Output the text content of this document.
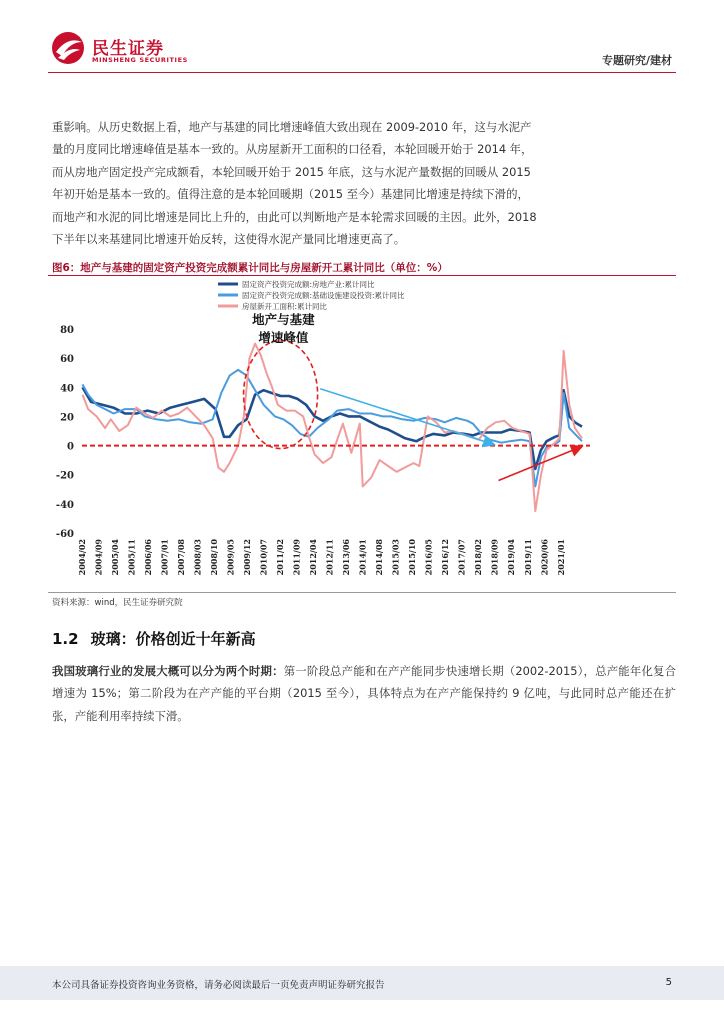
民生证券
MINSHENG SECURITIES	专题研究/建材

重影响。从历史数据上看，地产与基建的同比增速峰值大致出现在 2009-2010 年，这与水泥产

量的月度同比增速峰值是基本一致的。从房屋新开工面积的口径看，本轮回暖开始于 2014 年，

而从房地产固定投产完成额看，本轮回暖开始于 2015 年底，这与水泥产量数据的回暖从 2015

年初开始是基本一致的。值得注意的是本轮回暖期（2015 至今）基建同比增速是持续下滑的，

而地产和水泥的同比增速是同比上升的，由此可以判断地产是本轮需求回暖的主因。此外，2018

下半年以来基建同比增速开始反转，这使得水泥产量同比增速更高了。

图6：地产与基建的固定资产投资完成额累计同比与房屋新开工累计同比（单位：%）
固定资产投资完成额:房地产业:累计同比
固定资产投资完成额:基础设施建设投资:累计同比
房屋新开工面积:累计同比
-60
-40
-20
0
20
40
60
80
2004/02 2004/09 2005/04 2005/11 2006/06 2007/01 2007/08 2008/03 2008/10 2009/05 2009/12 2010/07 2011/02 2011/09 2012/04 2012/11 2013/06 2014/01 2014/08 2015/03 2015/10 2016/05 2016/12 2017/07 2018/02 2018/09 2019/04 2019/11 2020/06 2021/01
地产与基建
增速峰值
资料来源：wind，民生证券研究院
1.2 玻璃：价格创近十年新高
我国玻璃行业的发展大概可以分为两个时期：第一阶段总产能和在产产能同步快速增长期（2002-2015），总产能年化复合增速为 15%；第二阶段为在产产能的平台期（2015 至今），具体特点为在产产能保持约 9 亿吨，与此同时总产能还在扩张，产能利用率持续下滑。
本公司具备证券投资咨询业务资格，请务必阅读最后一页免责声明证券研究报告	5
